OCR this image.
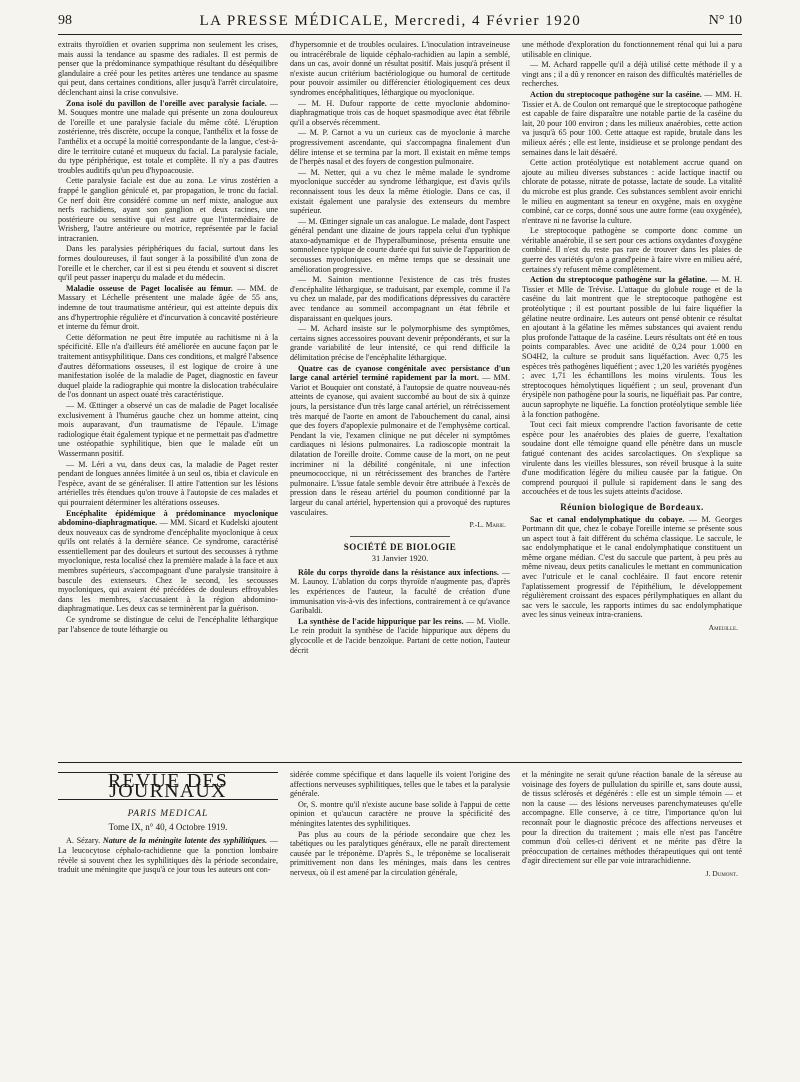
98	LA PRESSE MÉDICALE, Mercredi, 4 Février 1920	N° 10

extraits thyroïdien et ovarien supprima non seulement les crises, mais aussi la tendance au spasme des radiales. Il est permis de penser que la prédominance sympathique résultant du déséquilibre glandulaire a créé pour les petites artères une tendance au spasme qui peut, dans certaines conditions, aller jusqu'à l'arrêt circulatoire, déclenchant ainsi la crise convulsive.

Zona isolé du pavillon de l'oreille avec paralysie faciale. — M. Souques montre une malade qui présente un zona douloureux de l'oreille et une paralysie faciale du même côté. L'éruption zostérienne, très discrète, occupe la conque, l'anthélix et la fosse de l'anthélix et a occupé la moitié correspondante de la langue, c'est-à-dire le territoire cutané et muqueux du facial. La paralysie faciale, du type périphérique, est totale et complète. Il n'y a pas d'autres troubles auditifs qu'un peu d'hypoacousie.

Cette paralysie faciale est due au zona. Le virus zostérien a frappé le ganglion géniculé et, par propagation, le tronc du facial. Ce nerf doit être considéré comme un nerf mixte, analogue aux nerfs rachidiens, ayant son ganglion et deux racines, une postérieure ou sensitive qui n'est autre que l'intermédiaire de Wrisberg, l'autre antérieure ou motrice, représentée par le facial intracranien.

Dans les paralysies périphériques du facial, surtout dans les formes douloureuses, il faut songer à la possibilité d'un zona de l'oreille et le chercher, car il est si peu étendu et souvent si discret qu'il peut passer inaperçu du malade et du médecin.

Maladie osseuse de Paget localisée au fémur. — MM. de Massary et Léchelle présentent une malade âgée de 55 ans, indemne de tout traumatisme antérieur, qui est atteinte depuis dix ans d'hypertrophie régulière et d'incurvation à concavité postérieure et interne du fémur droit.

Cette déformation ne peut être imputée au rachitisme ni à la spécificité. Elle n'a d'ailleurs été améliorée en aucune façon par le traitement antisyphilitique. Dans ces conditions, et malgré l'absence d'autres déformations osseuses, il est logique de croire à une manifestation isolée de la maladie de Paget, diagnostic en faveur duquel plaide la radiographie qui montre la dislocation trabéculaire de l'os donnant un aspect ouaté très caractéristique.

— M. Œttinger a observé un cas de maladie de Paget localisée exclusivement à l'humérus gauche chez un homme atteint, cinq mois auparavant, d'un traumatisme de l'épaule. L'image radiologique était également typique et ne permettait pas d'admettre une ostéopathie syphilitique, bien que le malade eût un Wassermann positif.

— M. Léri a vu, dans deux cas, la maladie de Paget rester pendant de longues années limitée à un seul os, tibia et clavicule en l'espèce, avant de se généraliser. Il attire l'attention sur les lésions artérielles très étendues qu'on trouve à l'autopsie de ces malades et qui pourraient déterminer les altérations osseuses.

Encéphalite épidémique à prédominance myoclonique abdomino-diaphragmatique. — MM. Sicard et Kudelski ajoutent deux nouveaux cas de syndrome d'encéphalite myoclonique à ceux qu'ils ont relatés à la dernière séance. Ce syndrome, caractérisé essentiellement par des douleurs et surtout des secousses à rythme myoclonique, resta localisé chez la première malade à la face et aux membres supérieurs, s'accompagnant d'une paralysie transitoire à bascule des extenseurs. Chez le second, les secousses myocloniques, qui avaient été précédées de douleurs effroyables dans les membres, s'accusaient à la région abdomino-diaphragmatique. Les deux cas se terminèrent par la guérison.

Ce syndrome se distingue de celui de l'encéphalite léthargique par l'absence de toute léthargie ou

d'hypersomnie et de troubles oculaires. L'inoculation intraveineuse ou intracérébrale de liquide céphalo-rachidien au lapin a semblé, dans un cas, avoir donné un résultat positif. Mais jusqu'à présent il n'existe aucun critérium bactériologique ou humoral de certitude pour pouvoir assimiler ou différencier étiologiquement ces deux syndromes encéphalitiques, léthargique ou myoclonique.

— M. H. Dufour rapporte de cette myoclonie abdomino-diaphragmatique trois cas de hoquet spasmodique avec état fébrile qu'il a observés récemment.

— M. P. Carnot a vu un curieux cas de myoclonie à marche progressivement ascendante, qui s'accompagna finalement d'un délire intense et se termina par la mort. Il existait en même temps de l'herpès nasal et des foyers de congestion pulmonaire.

— M. Netter, qui a vu chez le même malade le syndrome myoclonique succéder au syndrome léthargique, est d'avis qu'ils reconnaissent tous les deux la même étiologie. Dans ce cas, il existait également une paralysie des extenseurs du membre supérieur.

— M. Œttinger signale un cas analogue. Le malade, dont l'aspect général pendant une dizaine de jours rappela celui d'un typhique ataxo-adynamique et de l'hyperalbuminose, présenta ensuite une somnolence typique de courte durée qui fut suivie de l'apparition de secousses myocloniques en même temps que se dessinait une amélioration progressive.

— M. Sainton mentionne l'existence de cas très frustes d'encéphalite léthargique, se traduisant, par exemple, comme il l'a vu chez un malade, par des modifications dépressives du caractère avec tendance au sommeil accompagnant un état fébrile et disparaissant en quelques jours.

— M. Achard insiste sur le polymorphisme des symptômes, certains signes accessoires pouvant devenir prépondérants, et sur la grande variabilité de leur intensité, ce qui rend difficile la délimitation précise de l'encéphalite léthargique.

Quatre cas de cyanose congénitale avec persistance d'un large canal artériel terminé rapidement par la mort. — MM. Variot et Bouquier ont constaté, à l'autopsie de quatre nouveau-nés atteints de cyanose, qui avaient succombé au bout de six à quinze jours, la persistance d'un très large canal artériel, un rétrécissement très marqué de l'aorte en amont de l'abouchement du canal, ainsi que des foyers d'apoplexie pulmonaire et de l'emphysème cortical. Pendant la vie, l'examen clinique ne put déceler ni symptômes cardiaques ni lésions pulmonaires. La radioscopie montrait la dilatation de l'oreille droite. Comme cause de la mort, on ne peut incriminer ni la débilité congénitale, ni une infection pneumococcique, ni un rétrécissement des branches de l'artère pulmonaire. L'issue fatale semble devoir être attribuée à l'excès de pression dans le réseau artériel du poumon conditionné par la largeur du canal artériel, hypertension qui a provoqué des ruptures vasculaires.

P.-L. Marie.
SOCIÉTÉ DE BIOLOGIE
31 Janvier 1920.

Rôle du corps thyroïde dans la résistance aux infections. — M. Launoy. L'ablation du corps thyroïde n'augmente pas, d'après les expériences de l'auteur, la faculté de création d'une immunisation vis-à-vis des infections, contrairement à ce qu'avance Garibaldi.

La synthèse de l'acide hippurique par les reins. — M. Violle. Le rein produit la synthèse de l'acide hippurique aux dépens du glycocolle et de l'acide benzoïque. Partant de cette notion, l'auteur décrit

une méthode d'exploration du fonctionnement rénal qui lui a paru utilisable en clinique.

— M. Achard rappelle qu'il a déjà utilisé cette méthode il y a vingt ans ; il a dû y renoncer en raison des difficultés matérielles de recherches.

Action du streptocoque pathogène sur la caséine. — MM. H. Tissier et A. de Coulon ont remarqué que le streptocoque pathogène est capable de faire disparaître une notable partie de la caséine du lait, 20 pour 100 environ ; dans les milieux anaérobies, cette action va jusqu'à 65 pour 100. Cette attaque est rapide, brutale dans les milieux aérés ; elle est lente, insidieuse et se prolonge pendant des semaines dans le lait désaéré.

Cette action protéolytique est notablement accrue quand on ajoute au milieu diverses substances : acide lactique inactif ou chlorate de potasse, nitrate de potasse, lactate de soude. La vitalité du microbe est plus grande. Ces substances semblent avoir enrichi le milieu en augmentant sa teneur en oxygène, mais en oxygène combiné, car ce corps, donné sous une autre forme (eau oxygénée), n'entrave ni ne favorise la culture.

Le streptocoque pathogène se comporte donc comme un véritable anaérobie, il se sert pour ces actions oxydantes d'oxygène combiné. Il n'est du reste pas rare de trouver dans les plaies de guerre des variétés qu'on a grand'peine à faire vivre en milieu aéré, certaines s'y refusent même complètement.

Action du streptocoque pathogène sur la gélatine. — M. H. Tissier et Mlle de Trévise. L'attaque du globule rouge et de la caséine du lait montrent que le streptocoque pathogène est protéolytique ; il est pourtant possible de lui faire liquéfier la gélatine neutre ordinaire. Les auteurs ont pensé obtenir ce résultat en ajoutant à la gélatine les mêmes substances qui avaient rendu plus profonde l'attaque de la caséine. Leurs résultats ont été en tous points comparables. Avec une acidité de 0,24 pour 1.000 en SO4H2, la culture se produit sans liquéfaction. Avec 0,75 les espèces très pathogènes liquéfient ; avec 1,20 les variétés pyogènes ; avec 1,71 les échantillons les moins virulents. Tous les streptocoques hémolytiques liquéfient ; un seul, provenant d'un érysipèle non pathogène pour la souris, ne liquéfiait pas. Par contre, aucun saprophyte ne liquéfie. La fonction protéolytique semble liée à la fonction pathogène.

Tout ceci fait mieux comprendre l'action favorisante de cette espèce pour les anaérobies des plaies de guerre, l'exaltation soudaine dont elle témoigne quand elle pénètre dans un muscle fatigué contenant des acides sarcolactiques. On s'explique sa virulente dans les vieilles blessures, son réveil brusque à la suite d'une modification légère du milieu causée par la fatigue. On comprend pourquoi il pullule si rapidement dans le sang des accouchées et de tous les sujets atteints d'acidose.

Réunion biologique de Bordeaux.

Sac et canal endolymphatique du cobaye. — M. Georges Portmann dit que, chez le cobaye l'oreille interne se présente sous un aspect tout à fait différent du schéma classique. Le saccule, le sac endolymphatique et le canal endolymphatique constituent un même organe médian. C'est du saccule que partent, à peu près au même niveau, deux petits canalicules le mettant en communication avec l'utricule et le canal cochléaire. Il faut encore retenir l'aplatissement progressif de l'épithélium, le développement régulièrement croissant des espaces périlymphatiques en allant du sac vers le saccule, les rapports intimes du sac endolymphatique avec les sinus veineux intra-craniens.

Ameuille.
REVUE DES JOURNAUX
PARIS MEDICAL
Tome IX, n° 40, 4 Octobre 1919.

A. Sézary. Nature de la méningite latente des syphilitiques. — La leucocytose céphalo-rachidienne que la ponction lombaire révèle si souvent chez les syphilitiques dès la période secondaire, traduit une méningite que jusqu'à ce jour tous les auteurs ont con-

sidérée comme spécifique et dans laquelle ils voient l'origine des affections nerveuses syphilitiques, telles que le tabes et la paralysie générale.

Or, S. montre qu'il n'existe aucune base solide à l'appui de cette opinion et qu'aucun caractère ne prouve la spécificité des méningites latentes des syphilitiques.

Pas plus au cours de la période secondaire que chez les tabétiques ou les paralytiques généraux, elle ne paraît directement causée par le tréponème. D'après S., le tréponème se localiserait primitivement non dans les méninges, mais dans les centres nerveux, où il est amené par la circulation générale,

et la méningite ne serait qu'une réaction banale de la séreuse au voisinage des foyers de pullulation du spirille et, sans doute aussi, de tissus sclérosés et dégénérés : elle est un simple témoin — et non la cause — des lésions nerveuses parenchymateuses qu'elle accompagne. Elle conserve, à ce titre, l'importance qu'on lui reconnaît pour le diagnostic précoce des affections nerveuses et pour la direction du traitement ; mais elle n'est pas l'ancêtre commun d'où celles-ci dérivent et ne mérite pas d'être la préoccupation de certaines méthodes thérapeutiques qui ont tenté d'agir directement sur elle par voie intrarachidienne.

J. Dumont.
